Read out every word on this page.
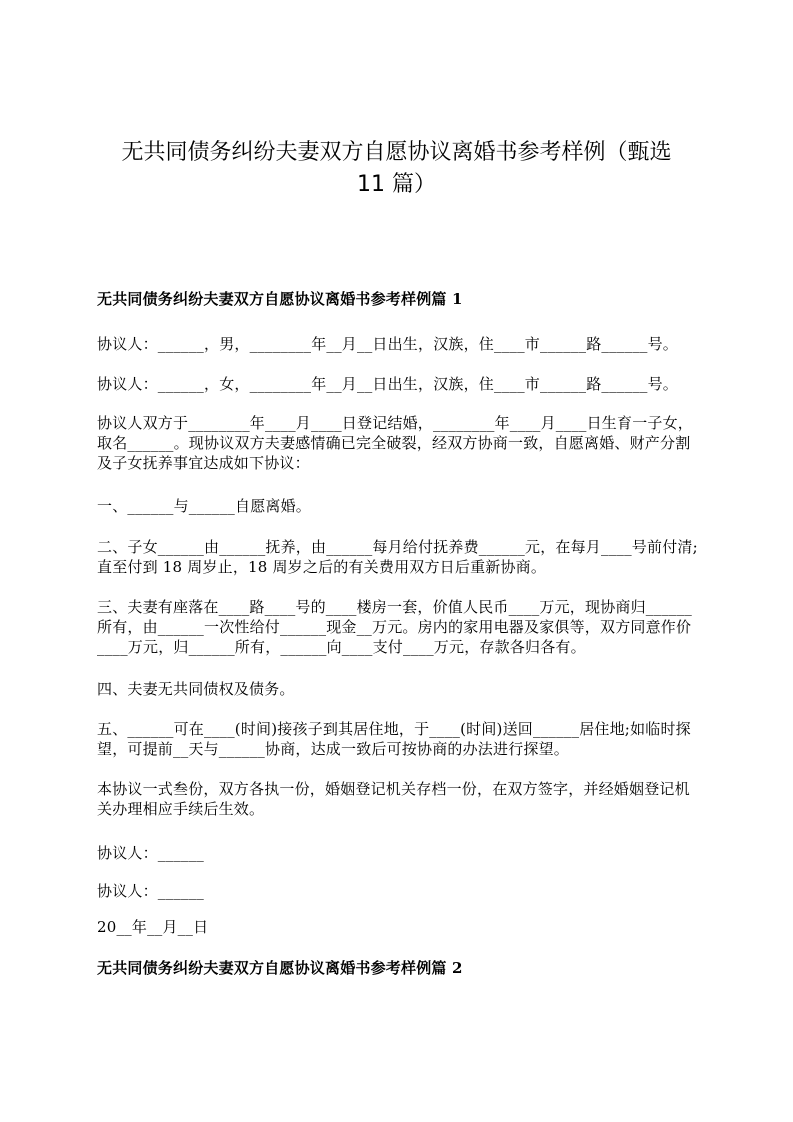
无共同债务纠纷夫妻双方自愿协议离婚书参考样例（甄选
11 篇）
无共同债务纠纷夫妻双方自愿协议离婚书参考样例篇 1
协议人：______，男，________年__月__日出生，汉族，住____市______路______号。
协议人：______，女，________年__月__日出生，汉族，住____市______路______号。
协议人双方于________年____月____日登记结婚，________年____月____日生育一子女，取名______。现协议双方夫妻感情确已完全破裂，经双方协商一致，自愿离婚、财产分割及子女抚养事宜达成如下协议：
一、______与______自愿离婚。
二、子女______由______抚养，由______每月给付抚养费______元，在每月____号前付清;直至付到 18 周岁止，18 周岁之后的有关费用双方日后重新协商。
三、夫妻有座落在____路____号的____楼房一套，价值人民币____万元，现协商归______所有，由______一次性给付______现金__万元。房内的家用电器及家俱等，双方同意作价____万元，归______所有，______向____支付____万元，存款各归各有。
四、夫妻无共同债权及债务。
五、______可在____(时间)接孩子到其居住地，于____(时间)送回______居住地;如临时探望，可提前__天与______协商，达成一致后可按协商的办法进行探望。
本协议一式叁份，双方各执一份，婚姻登记机关存档一份，在双方签字，并经婚姻登记机关办理相应手续后生效。
协议人：______
协议人：______
20__年__月__日
无共同债务纠纷夫妻双方自愿协议离婚书参考样例篇 2
